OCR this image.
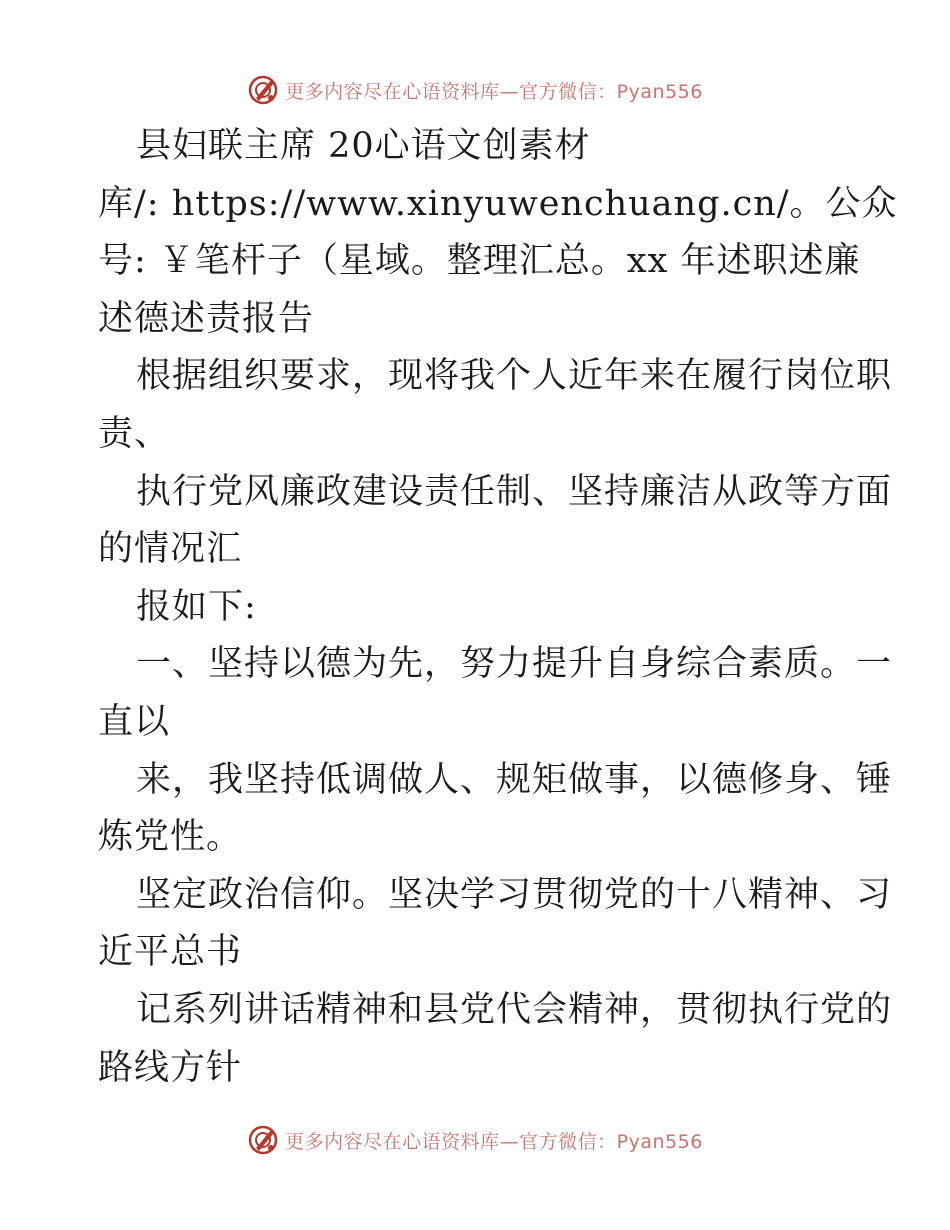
更多内容尽在心语资料库—官方微信：Pyan556
县妇联主席 20心语文创素材
库/: https://www.xinyuwenchuang.cn/。公众
号: ￥笔杆子（星域。整理汇总。xx 年述职述廉
述德述责报告
根据组织要求，现将我个人近年来在履行岗位职
责、
执行党风廉政建设责任制、坚持廉洁从政等方面
的情况汇
报如下:
一、坚持以德为先，努力提升自身综合素质。一
直以
来，我坚持低调做人、规矩做事，以德修身、锤
炼党性。
坚定政治信仰。坚决学习贯彻党的十八精神、习
近平总书
记系列讲话精神和县党代会精神，贯彻执行党的
路线方针
更多内容尽在心语资料库—官方微信：Pyan556
